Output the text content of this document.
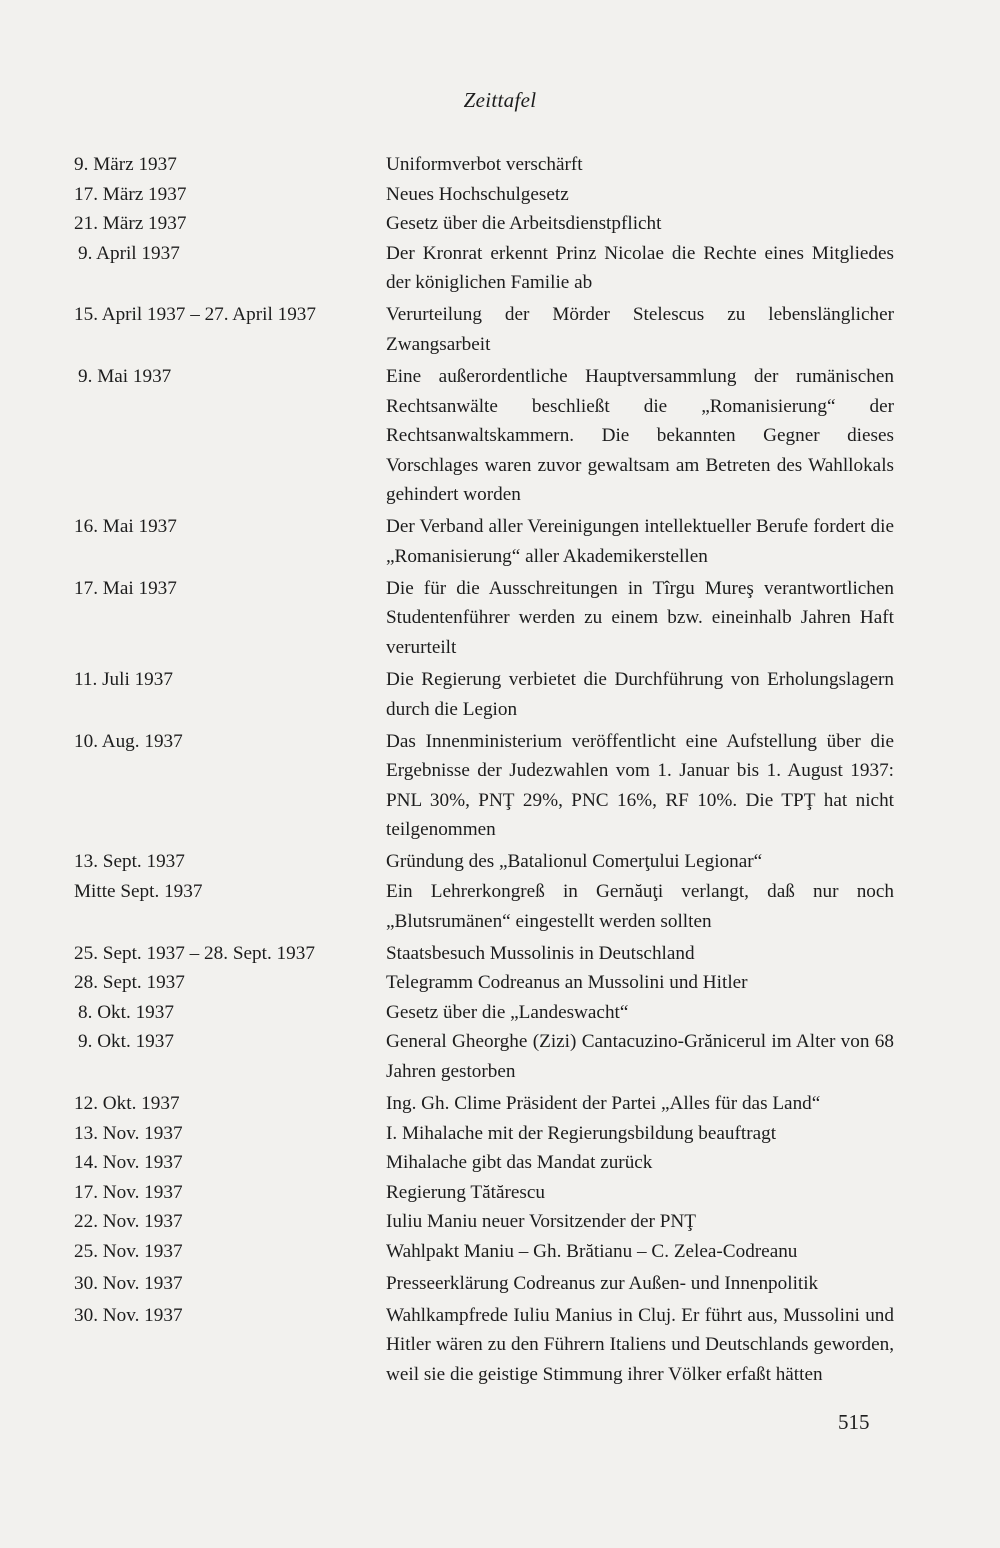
Zeittafel
9. März 1937	Uniformverbot verschärft
17. März 1937	Neues Hochschulgesetz
21. März 1937	Gesetz über die Arbeitsdienstpflicht
9. April 1937	Der Kronrat erkennt Prinz Nicolae die Rechte eines Mitgliedes der königlichen Familie ab
15. April 1937 – 27. April 1937	Verurteilung der Mörder Stelescus zu lebenslänglicher Zwangsarbeit
9. Mai 1937	Eine außerordentliche Hauptversammlung der rumänischen Rechtsanwälte beschließt die „Romanisierung“ der Rechtsanwaltskammern. Die bekannten Gegner dieses Vorschlages waren zuvor gewaltsam am Betreten des Wahllokals gehindert worden
16. Mai 1937	Der Verband aller Vereinigungen intellektueller Berufe fordert die „Romanisierung“ aller Akademikerstellen
17. Mai 1937	Die für die Ausschreitungen in Tîrgu Mureş verantwortlichen Studentenführer werden zu einem bzw. eineinhalb Jahren Haft verurteilt
11. Juli 1937	Die Regierung verbietet die Durchführung von Erholungslagern durch die Legion
10. Aug. 1937	Das Innenministerium veröffentlicht eine Aufstellung über die Ergebnisse der Judezwahlen vom 1. Januar bis 1. August 1937: PNL 30%, PNŢ 29%, PNC 16%, RF 10%. Die TPŢ hat nicht teilgenommen
13. Sept. 1937	Gründung des „Batalionul Comerţului Legionar“
Mitte Sept. 1937	Ein Lehrerkongreß in Gernăuţi verlangt, daß nur noch „Blutsrumänen“ eingestellt werden sollten
25. Sept. 1937 – 28. Sept. 1937	Staatsbesuch Mussolinis in Deutschland
28. Sept. 1937	Telegramm Codreanus an Mussolini und Hitler
8. Okt. 1937	Gesetz über die „Landeswacht“
9. Okt. 1937	General Gheorghe (Zizi) Cantacuzino-Grănicerul im Alter von 68 Jahren gestorben
12. Okt. 1937	Ing. Gh. Clime Präsident der Partei „Alles für das Land“
13. Nov. 1937	I. Mihalache mit der Regierungsbildung beauftragt
14. Nov. 1937	Mihalache gibt das Mandat zurück
17. Nov. 1937	Regierung Tătărescu
22. Nov. 1937	Iuliu Maniu neuer Vorsitzender der PNŢ
25. Nov. 1937	Wahlpakt Maniu – Gh. Brătianu – C. Zelea-Codreanu
30. Nov. 1937	Presseerklärung Codreanus zur Außen- und Innenpolitik
30. Nov. 1937	Wahlkampfrede Iuliu Manius in Cluj. Er führt aus, Mussolini und Hitler wären zu den Führern Italiens und Deutschlands geworden, weil sie die geistige Stimmung ihrer Völker erfaßt hätten
515
